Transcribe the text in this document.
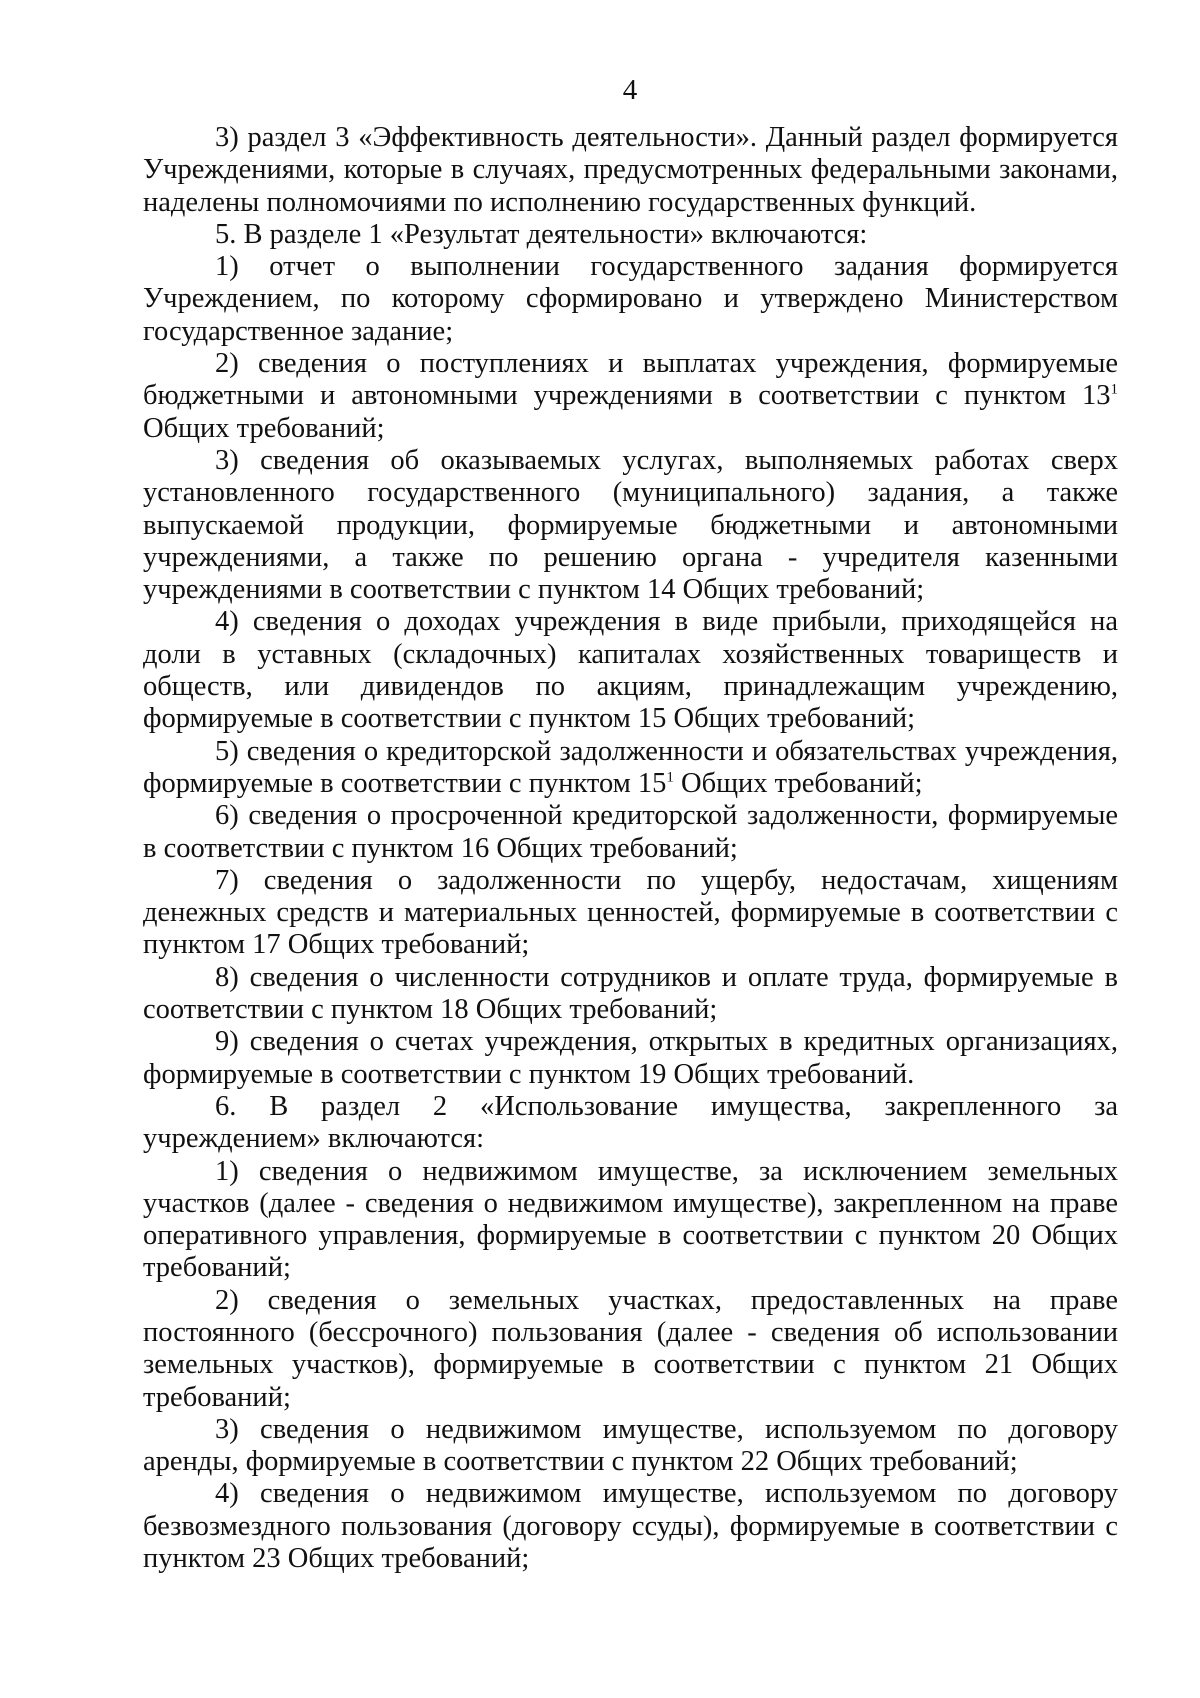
4

3) раздел 3 «Эффективность деятельности». Данный раздел формируется Учреждениями, которые в случаях, предусмотренных федеральными законами, наделены полномочиями по исполнению государственных функций.

5. В разделе 1 «Результат деятельности» включаются:

1) отчет о выполнении государственного задания формируется Учреждением, по которому сформировано и утверждено Министерством государственное задание;

2) сведения о поступлениях и выплатах учреждения, формируемые бюджетными и автономными учреждениями в соответствии с пунктом $13^1$ Общих требований;

3) сведения об оказываемых услугах, выполняемых работах сверх установленного государственного (муниципального) задания, а также выпускаемой продукции, формируемые бюджетными и автономными учреждениями, а также по решению органа - учредителя казенными учреждениями в соответствии с пунктом 14 Общих требований;

4) сведения о доходах учреждения в виде прибыли, приходящейся на доли в уставных (складочных) капиталах хозяйственных товариществ и обществ, или дивидендов по акциям, принадлежащим учреждению, формируемые в соответствии с пунктом 15 Общих требований;

5) сведения о кредиторской задолженности и обязательствах учреждения, формируемые в соответствии с пунктом $15^1$ Общих требований;

6) сведения о просроченной кредиторской задолженности, формируемые в соответствии с пунктом 16 Общих требований;

7) сведения о задолженности по ущербу, недостачам, хищениям денежных средств и материальных ценностей, формируемые в соответствии с пунктом 17 Общих требований;

8) сведения о численности сотрудников и оплате труда, формируемые в соответствии с пунктом 18 Общих требований;

9) сведения о счетах учреждения, открытых в кредитных организациях, формируемые в соответствии с пунктом 19 Общих требований.

6. В раздел 2 «Использование имущества, закрепленного за учреждением» включаются:

1) сведения о недвижимом имуществе, за исключением земельных участков (далее - сведения о недвижимом имуществе), закрепленном на праве оперативного управления, формируемые в соответствии с пунктом 20 Общих требований;

2) сведения о земельных участках, предоставленных на праве постоянного (бессрочного) пользования (далее - сведения об использовании земельных участков), формируемые в соответствии с пунктом 21 Общих требований;

3) сведения о недвижимом имуществе, используемом по договору аренды, формируемые в соответствии с пунктом 22 Общих требований;

4) сведения о недвижимом имуществе, используемом по договору безвозмездного пользования (договору ссуды), формируемые в соответствии с пунктом 23 Общих требований;
